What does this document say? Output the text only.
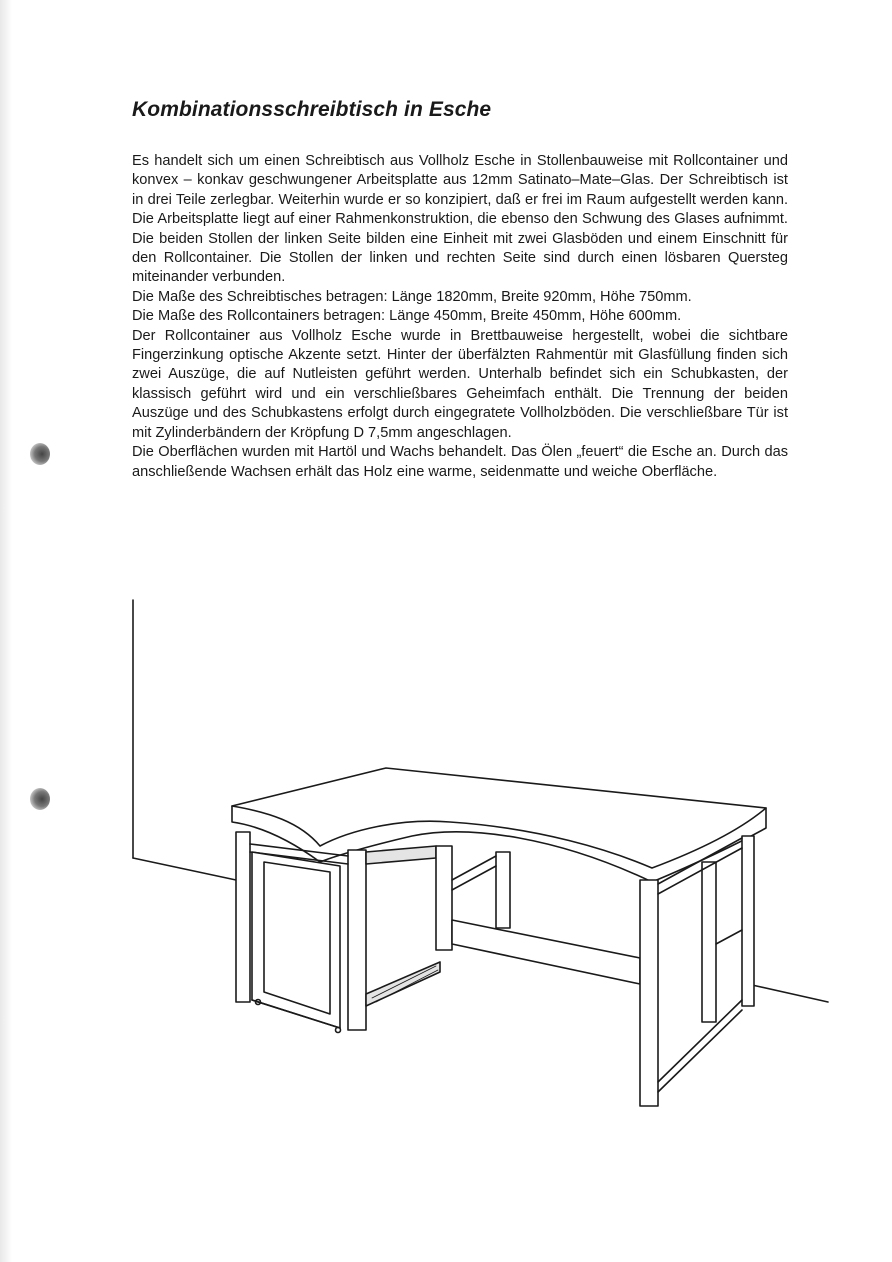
Kombinationsschreibtisch in Esche

Es handelt sich um einen Schreibtisch aus Vollholz Esche in Stollenbauweise mit Rollcontainer und konvex – konkav geschwungener Arbeitsplatte aus 12mm Satinato–Mate–Glas. Der Schreibtisch ist in drei Teile zerlegbar. Weiterhin wurde er so konzipiert, daß er frei im Raum aufgestellt werden kann. Die Arbeitsplatte liegt auf einer Rahmenkonstruktion, die ebenso den Schwung des Glases aufnimmt. Die beiden Stollen der linken Seite bilden eine Einheit mit zwei Glasböden und einem Einschnitt für den Rollcontainer. Die Stollen der linken und rechten Seite sind durch einen lösbaren Quersteg miteinander verbunden.

Die Maße des Schreibtisches betragen: Länge 1820mm, Breite 920mm, Höhe 750mm.

Die Maße des Rollcontainers betragen: Länge 450mm, Breite 450mm, Höhe 600mm.

Der Rollcontainer aus Vollholz Esche wurde in Brettbauweise hergestellt, wobei die sichtbare Fingerzinkung optische Akzente setzt. Hinter der überfälzten Rahmentür mit Glasfüllung finden sich zwei Auszüge, die auf Nutleisten geführt werden. Unterhalb befindet sich ein Schubkasten, der klassisch geführt wird und ein verschließbares Geheimfach enthält. Die Trennung der beiden Auszüge und des Schubkastens erfolgt durch eingegratete Vollholzböden. Die verschließbare Tür ist mit Zylinderbändern der Kröpfung D 7,5mm angeschlagen.

Die Oberflächen wurden mit Hartöl und Wachs behandelt. Das Ölen „feuert“ die Esche an. Durch das anschließende Wachsen erhält das Holz eine warme, seidenmatte und weiche Oberfläche.
